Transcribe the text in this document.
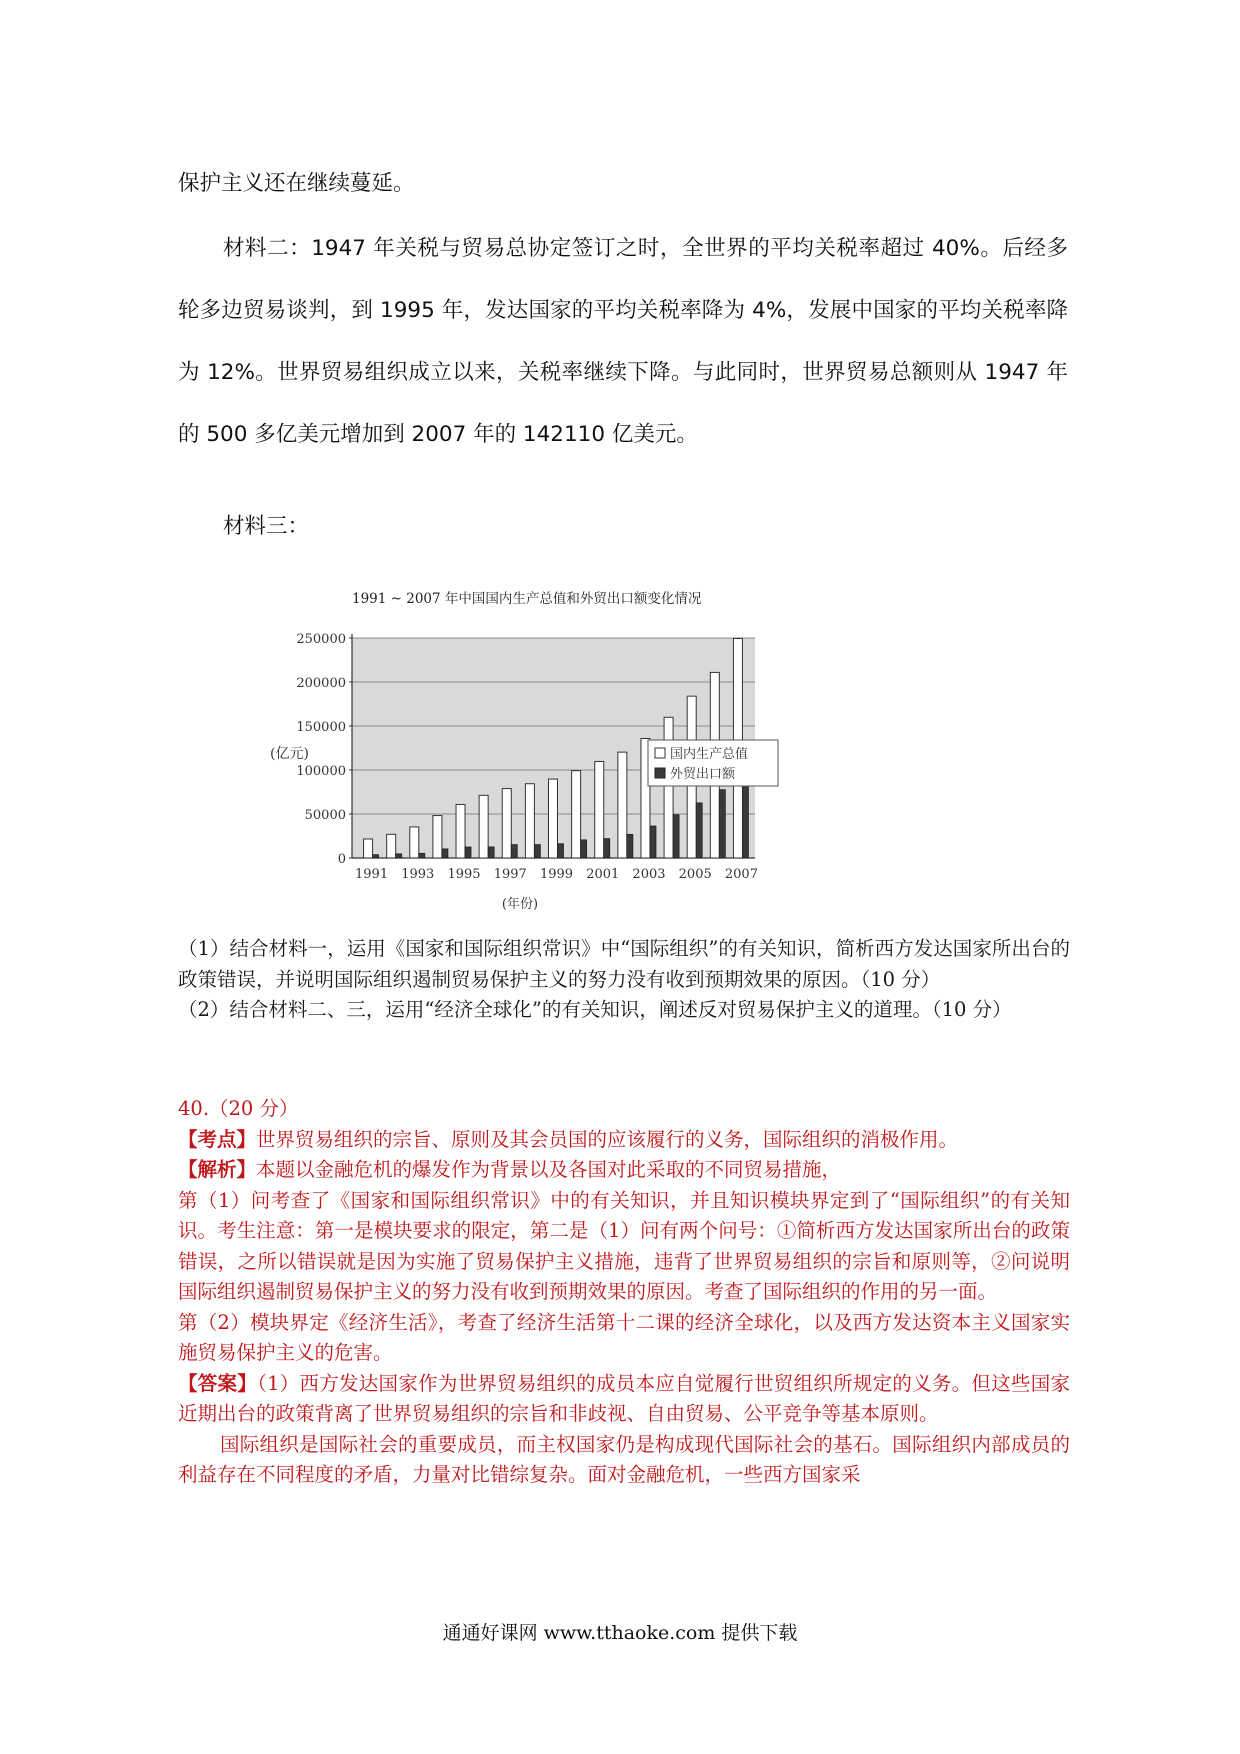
保护主义还在继续蔓延。
材料二：1947 年关税与贸易总协定签订之时，全世界的平均关税率超过 40%。后经多轮多边贸易谈判，到 1995 年，发达国家的平均关税率降为 4%，发展中国家的平均关税率降为 12%。世界贸易组织成立以来，关税率继续下降。与此同时，世界贸易总额则从 1947 年的 500 多亿美元增加到 2007 年的 142110 亿美元。
材料三：
1991 ~ 2007 年中国国内生产总值和外贸出口额变化情况
0
50000
100000
150000
200000
250000
(亿元)
1991 1993 1995 1997 1999 2001 2003 2005 2007
(年份)
国内生产总值
外贸出口额

（1）结合材料一，运用《国家和国际组织常识》中“国际组织”的有关知识，简析西方发达国家所出台的政策错误，并说明国际组织遏制贸易保护主义的努力没有收到预期效果的原因。（10 分）

（2）结合材料二、三，运用“经济全球化”的有关知识，阐述反对贸易保护主义的道理。（10 分）

40.（20 分）

【考点】世界贸易组织的宗旨、原则及其会员国的应该履行的义务，国际组织的消极作用。

【解析】本题以金融危机的爆发作为背景以及各国对此采取的不同贸易措施，

第（1）问考查了《国家和国际组织常识》中的有关知识，并且知识模块界定到了“国际组织”的有关知识。考生注意：第一是模块要求的限定，第二是（1）问有两个问号：①简析西方发达国家所出台的政策错误，之所以错误就是因为实施了贸易保护主义措施，违背了世界贸易组织的宗旨和原则等，②问说明国际组织遏制贸易保护主义的努力没有收到预期效果的原因。考查了国际组织的作用的另一面。

第（2）模块界定《经济生活》，考查了经济生活第十二课的经济全球化，以及西方发达资本主义国家实施贸易保护主义的危害。

【答案】（1）西方发达国家作为世界贸易组织的成员本应自觉履行世贸组织所规定的义务。但这些国家近期出台的政策背离了世界贸易组织的宗旨和非歧视、自由贸易、公平竞争等基本原则。

国际组织是国际社会的重要成员，而主权国家仍是构成现代国际社会的基石。国际组织内部成员的利益存在不同程度的矛盾，力量对比错综复杂。面对金融危机，一些西方国家采

通通好课网 www.tthaoke.com 提供下载
